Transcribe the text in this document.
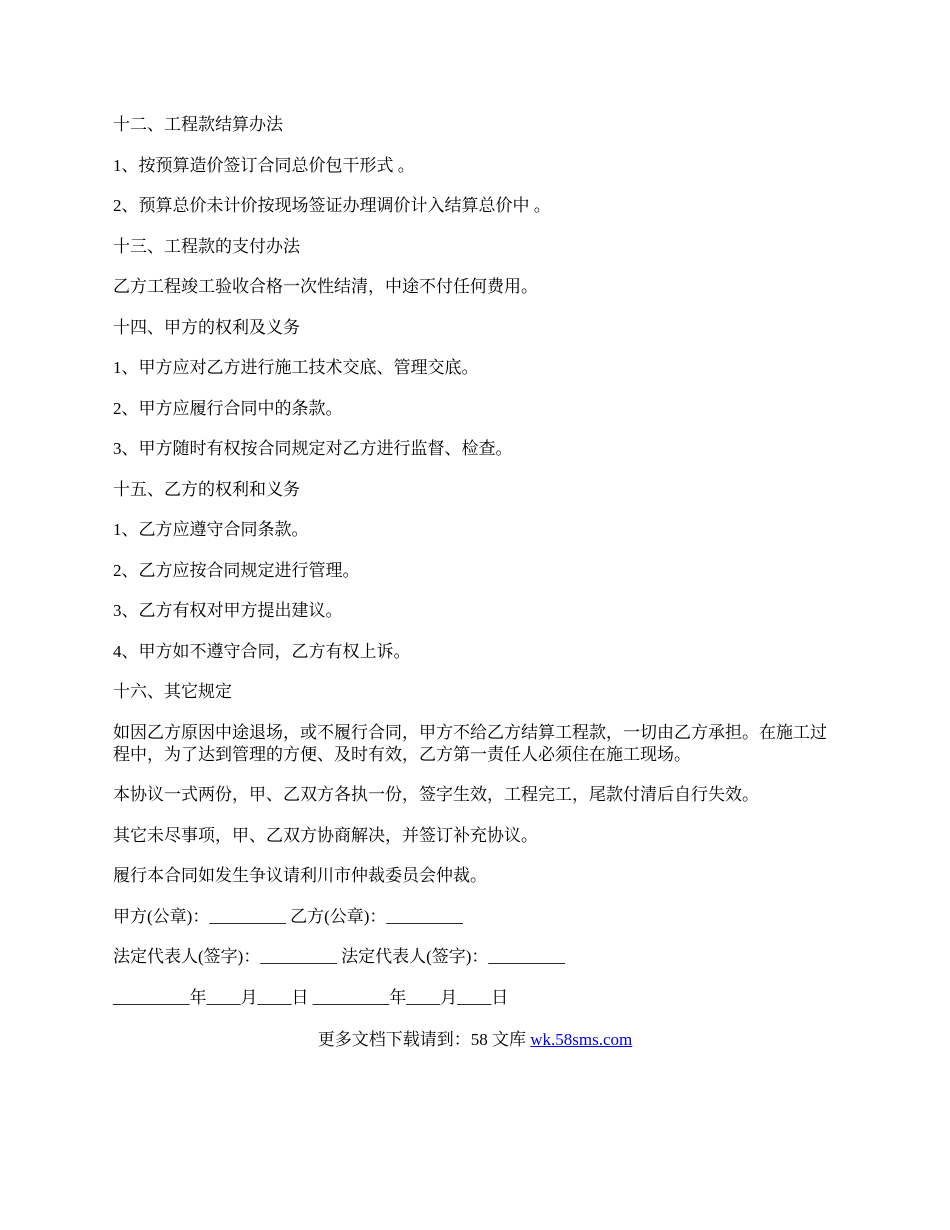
十二、工程款结算办法

1、按预算造价签订合同总价包干形式 。

2、预算总价未计价按现场签证办理调价计入结算总价中 。

十三、工程款的支付办法

乙方工程竣工验收合格一次性结清，中途不付任何费用。

十四、甲方的权利及义务

1、甲方应对乙方进行施工技术交底、管理交底。

2、甲方应履行合同中的条款。

3、甲方随时有权按合同规定对乙方进行监督、检查。

十五、乙方的权利和义务

1、乙方应遵守合同条款。

2、乙方应按合同规定进行管理。

3、乙方有权对甲方提出建议。

4、甲方如不遵守合同，乙方有权上诉。

十六、其它规定

如因乙方原因中途退场，或不履行合同，甲方不给乙方结算工程款，一切由乙方承担。在施工过程中，为了达到管理的方便、及时有效，乙方第一责任人必须住在施工现场。

本协议一式两份，甲、乙双方各执一份，签字生效，工程完工，尾款付清后自行失效。

其它未尽事项，甲、乙双方协商解决，并签订补充协议。

履行本合同如发生争议请利川市仲裁委员会仲裁。

甲方(公章)：_________ 乙方(公章)：_________

法定代表人(签字)：_________ 法定代表人(签字)：_________

_________年____月____日 _________年____月____日

更多文档下载请到：58 文库 wk.58sms.com
